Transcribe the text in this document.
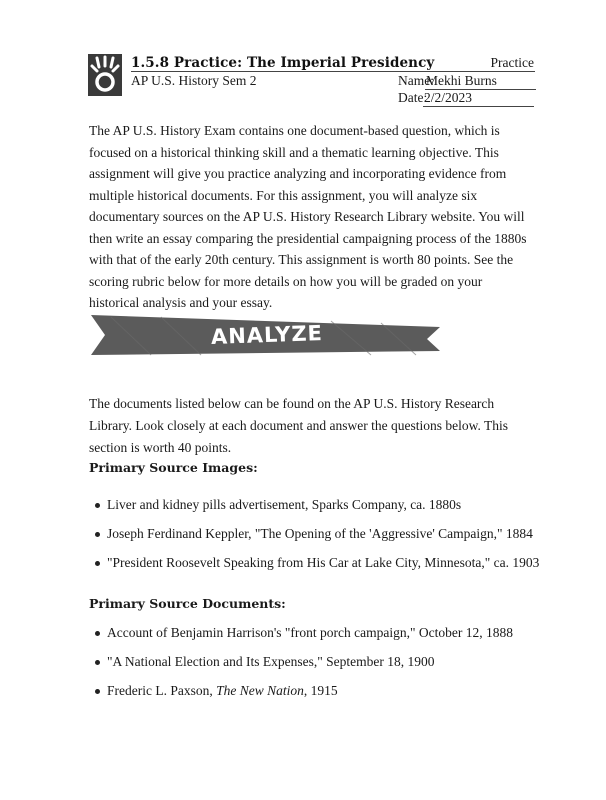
1.5.8 Practice: The Imperial Presidency	Practice
AP U.S. History Sem 2	Name:
Mekhi Burns
Date:
2/2/2023

The AP U.S. History Exam contains one document-based question, which is focused on a historical thinking skill and a thematic learning objective. This assignment will give you practice analyzing and incorporating evidence from multiple historical documents. For this assignment, you will analyze six documentary sources on the AP U.S. History Research Library website. You will then write an essay comparing the presidential campaigning process of the 1880s with that of the early 20th century. This assignment is worth 80 points. See the scoring rubric below for more details on how you will be graded on your historical analysis and your essay.

ANALYZE

The documents listed below can be found on the AP U.S. History Research Library. Look closely at each document and answer the questions below. This section is worth 40 points.

Primary Source Images:
Liver and kidney pills advertisement, Sparks Company, ca. 1880s
Joseph Ferdinand Keppler, "The Opening of the 'Aggressive' Campaign," 1884
"President Roosevelt Speaking from His Car at Lake City, Minnesota," ca. 1903
Primary Source Documents:
Account of Benjamin Harrison's "front porch campaign," October 12, 1888
"A National Election and Its Expenses," September 18, 1900
Frederic L. Paxson, The New Nation, 1915
